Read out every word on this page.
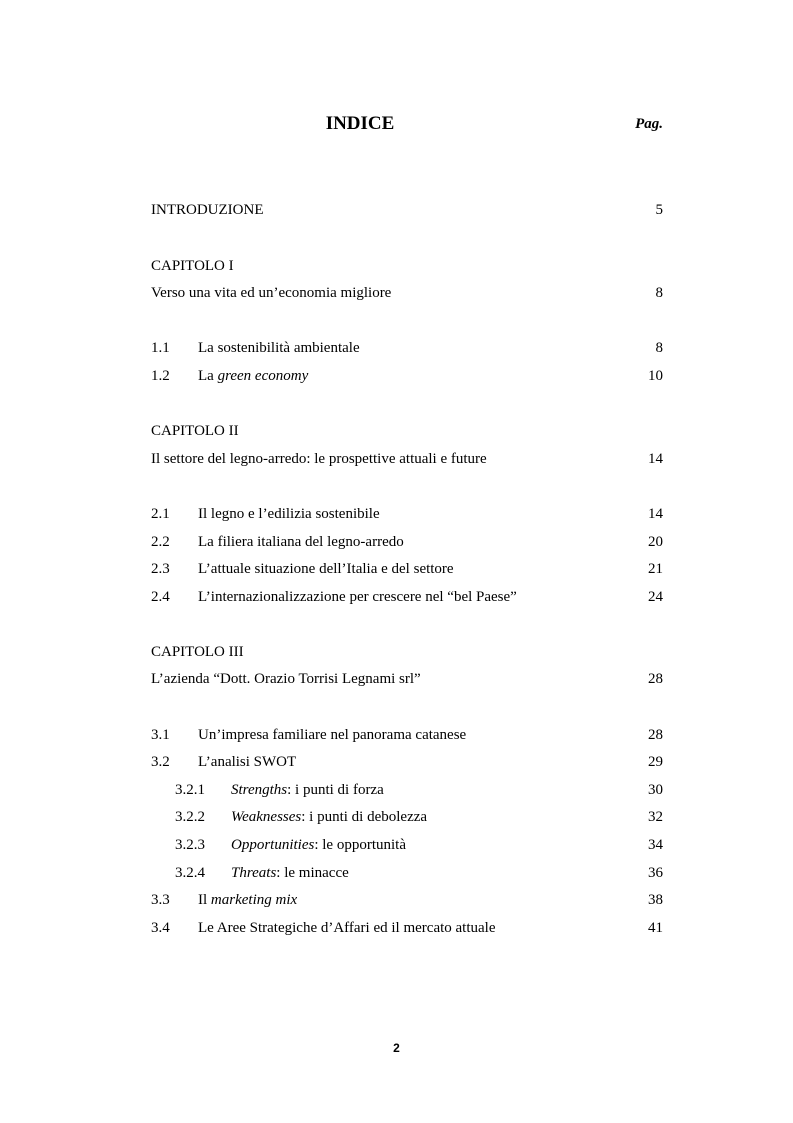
INDICE	Pag.
INTRODUZIONE	5
CAPITOLO I
Verso una vita ed un’economia migliore	8
1.1 La sostenibilità ambientale	8
1.2 La green economy	10
CAPITOLO II
Il settore del legno-arredo: le prospettive attuali e future	14
2.1 Il legno e l’edilizia sostenibile	14
2.2 La filiera italiana del legno-arredo	20
2.3 L’attuale situazione dell’Italia e del settore	21
2.4 L’internazionalizzazione per crescere nel “bel Paese”	24
CAPITOLO III
L’azienda “Dott. Orazio Torrisi Legnami srl”	28
3.1 Un’impresa familiare nel panorama catanese	28
3.2 L’analisi SWOT	29
3.2.1 Strengths: i punti di forza	30
3.2.2 Weaknesses: i punti di debolezza	32
3.2.3 Opportunities: le opportunità	34
3.2.4 Threats: le minacce	36
3.3 Il marketing mix	38
3.4 Le Aree Strategiche d’Affari ed il mercato attuale	41
2
